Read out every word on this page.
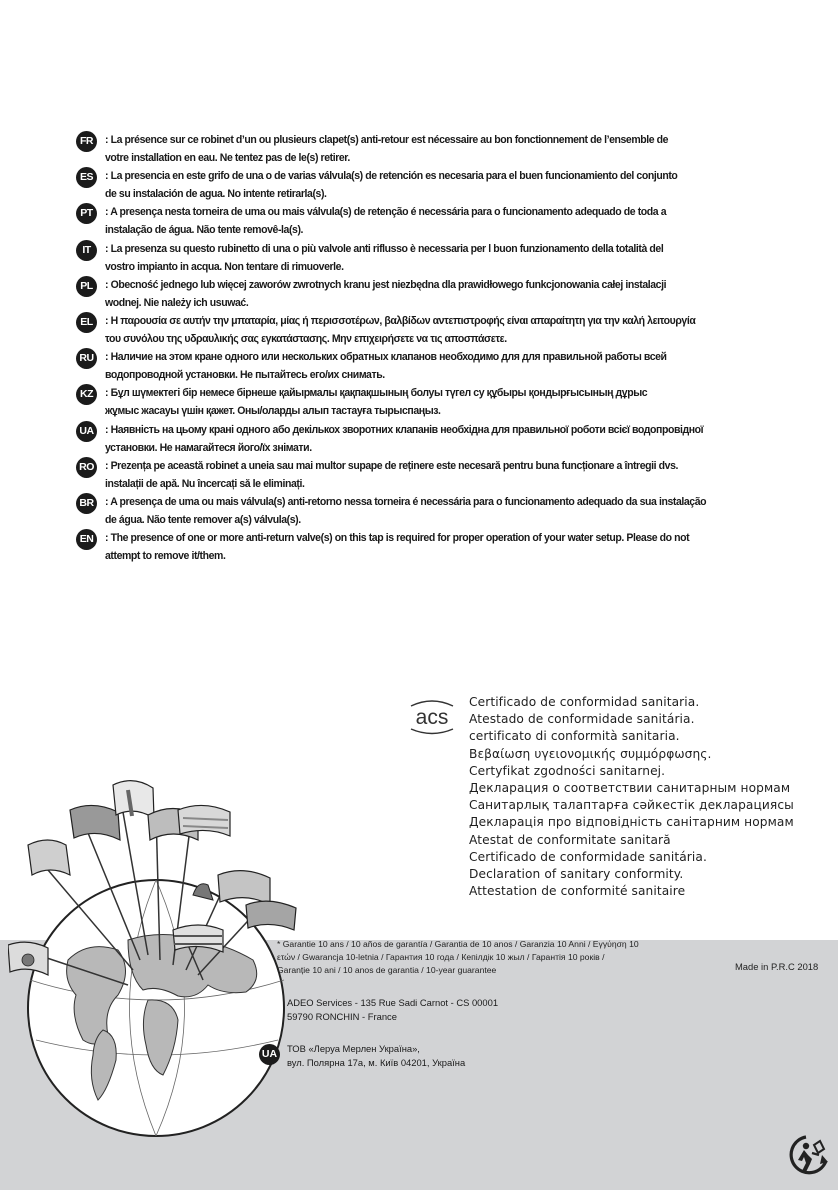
FR	: La présence sur ce robinet d’un ou plusieurs clapet(s) anti-retour est nécessaire au bon fonctionnement de l’ensemble de
votre installation en eau. Ne tentez pas de le(s) retirer.
ES	: La presencia en este grifo de una o de varias válvula(s) de retención es necesaria para el buen funcionamiento del conjunto
de su instalación de agua. No intente retirarla(s).
PT	: A presença nesta torneira de uma ou mais válvula(s) de retenção é necessária para o funcionamento adequado de toda a
instalação de água. Não tente removê-la(s).
IT	: La presenza su questo rubinetto di una o più valvole anti riflusso è necessaria per l buon funzionamento della totalità del
vostro impianto in acqua. Non tentare di rimuoverle.
PL	: Obecność jednego lub więcej zaworów zwrotnych kranu jest niezbędna dla prawidłowego funkcjonowania całej instalacji
wodnej. Nie należy ich usuwać.
EL	: Η παρουσία σε αυτήν την μπαταρία, μίας ή περισσοτέρων, βαλβίδων αντεπιστροφής είναι απαραίτητη για την καλή λειτουργία
του συνόλου της υδραυλικής σας εγκατάστασης. Μην επιχειρήσετε να τις αποσπάσετε.
RU	: Наличие на этом кране одного или нескольких обратных клапанов необходимо для для правильной работы всей
водопроводной установки. Не пытайтесь его/их снимать.
KZ	: Бұл шүмектегі бір немесе бірнеше қайырмалы қақпақшының болуы түгел су құбыры қондырғысының дұрыс
жұмыс жасауы үшін қажет. Оны/оларды алып тастауға тырыспаңыз.
UA	: Наявність на цьому крані одного або декількох зворотних клапанів необхідна для правильної роботи всієї водопровідної
установки. Не намагайтеся його/їх знімати.
RO : Prezența pe această robinet a uneia sau mai multor supape de reținere este necesară pentru buna funcționare a întregii dvs.
instalații de apă. Nu încercați să le eliminați.
BR	: A presença de uma ou mais válvula(s) anti-retorno nessa torneira é necessária para o funcionamento adequado da sua instalação
de água. Não tente remover a(s) válvula(s).
EN	: The presence of one or more anti-return valve(s) on this tap is required for proper operation of your water setup. Please do not
attempt to remove it/them.
acs
Certificado de conformidad sanitaria.
Atestado de conformidade sanitária.
certificato di conformità sanitaria.
Βεβαίωση υγειονομικής συμμόρφωσης.
Certyfikat zgodności sanitarnej.
Декларация о соответствии санитарным нормам
Санитарлық талаптарға сәйкестік декларациясы
Декларація про відповідність санітарним нормам
Atestat de conformitate sanitară
Certificado de conformidade sanitária.
Declaration of sanitary conformity.
Attestation de conformité sanitaire
* Garantie 10 ans / 10 años de garantía / Garantia de 10 anos / Garanzia 10 Anni / Εγγύηση 10
ετών / Gwarancja 10-letnia / Гарантия 10 года / Кепілдік 10 жыл / Гарантія 10 років /
Garanție 10 ani / 10 anos de garantia / 10-year guarantee	Made in P.R.C 2018
ADEO Services - 135 Rue Sadi Carnot - CS 00001
59790 RONCHIN - France
UA	ТОВ «Леруа Мерлен Україна»,
вул. Полярна 17а, м. Київ 04201, Україна
